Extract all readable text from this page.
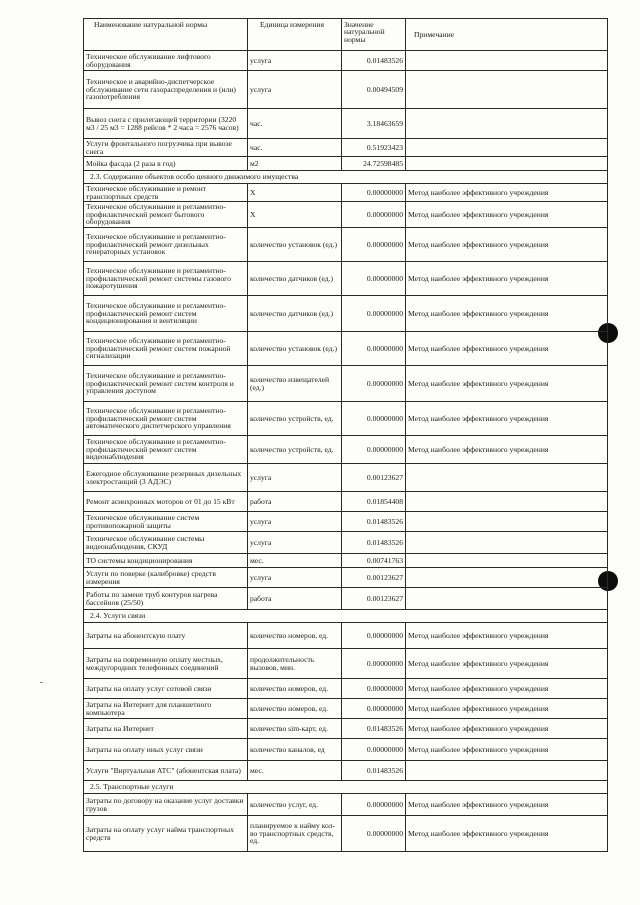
Наименование натуральной нормы	Единица измерения	Значение натуральной нормы	Примечание
Техническое обслуживание лифтового оборудования	услуга	0.01483526	
Техническое и аварийно-диспетчерское обслуживание сети газораспределения и (или) газопотребления	услуга	0.00494509	
Вывоз снега с прилегающей территории (3220 м3 / 25 м3 = 1288 рейсов * 2 часа = 2576 часов)	час.	3.18463659	
Услуги фронтального погрузчика при вывозе снега	час.	0.51923423	
Мойка фасада (2 раза в год)	м2	24.72598485	
2.3. Содержание объектов особо ценного движимого имущества			
Техническое обслуживание и ремонт транспортных средств	Х	0.00000000	Метод наиболее эффективного учреждения
Техническое обслуживание и регламентно-профилактический ремонт бытового оборудования	Х	0.00000000	Метод наиболее эффективного учреждения
Техническое обслуживание и регламентно-профилактический ремонт дизельных генераторных установок	количество установок (ед.)	0.00000000	Метод наиболее эффективного учреждения
Техническое обслуживание и регламентно-профилактический ремонт системы газового пожаротушения	количество датчиков (ед.)	0.00000000	Метод наиболее эффективного учреждения
Техническое обслуживание и регламентно-профилактический ремонт систем кондиционирования и вентиляции	количество датчиков (ед.)	0.00000000	Метод наиболее эффективного учреждения
Техническое обслуживание и регламентно-профилактический ремонт систем пожарной сигнализации	количество установок (ед.)	0.00000000	Метод наиболее эффективного учреждения
Техническое обслуживание и регламентно-профилактический ремонт систем контроля и управления доступом	количество извещателей (ед.)	0.00000000	Метод наиболее эффективного учреждения
Техническое обслуживание и регламентно-профилактический ремонт систем автоматического диспетчерского управления	количество устройств, ед.	0.00000000	Метод наиболее эффективного учреждения
Техническое обслуживание и регламентно-профилактический ремонт систем видеонаблюдения	количество устройств, ед.	0.00000000	Метод наиболее эффективного учреждения
Ежегодное обслуживание резервных дизельных электростанций (3 АДЭС)	услуга	0.00123627	
Ремонт асинхронных моторов от 01 до 15 кВт	работа	0.01854408	
Техническое обслуживание систем противопожарной защиты	услуга	0.01483526	
Техническое обслуживание системы видеонаблюдения, СКУД	услуга	0.01483526	
ТО системы кондиционирования	мес.	0.00741763	
Услуги по поверке (калибровке) средств измерения	услуга	0.00123627	
Работы по замене труб контуров нагрева бассейнов (25/50)	работа	0.00123627	
2.4. Услуги связи			
Затраты на абонентскую плату	количество номеров, ед.	0.00000000	Метод наиболее эффективного учреждения
Затраты на повременную оплату местных, междугородних телефонных соединений	продолжительность вызовов, мин.	0.00000000	Метод наиболее эффективного учреждения
Затраты на оплату услуг сотовой связи	количество номеров, ед.	0.00000000	Метод наиболее эффективного учреждения
Затраты на Интернет для планшетного компьютера	количество номеров, ед.	0.00000000	Метод наиболее эффективного учреждения
Затраты на Интернет	количество sim-карт, ед.	0.01483526	Метод наиболее эффективного учреждения
Затраты на оплату иных услуг связи	количество каналов, ед	0.00000000	Метод наиболее эффективного учреждения
Услуги "Виртуальная АТС" (абонентская плата)	мес.	0.01483526	
2.5. Транспортные услуги			
Затраты по договору на оказание услуг доставки грузов	количество услуг, ед.	0.00000000	Метод наиболее эффективного учреждения
Затраты на оплату услуг найма транспортных средств	планируемое к найму кол-во транспортных средств, ед.	0.00000000	Метод наиболее эффективного учреждения
